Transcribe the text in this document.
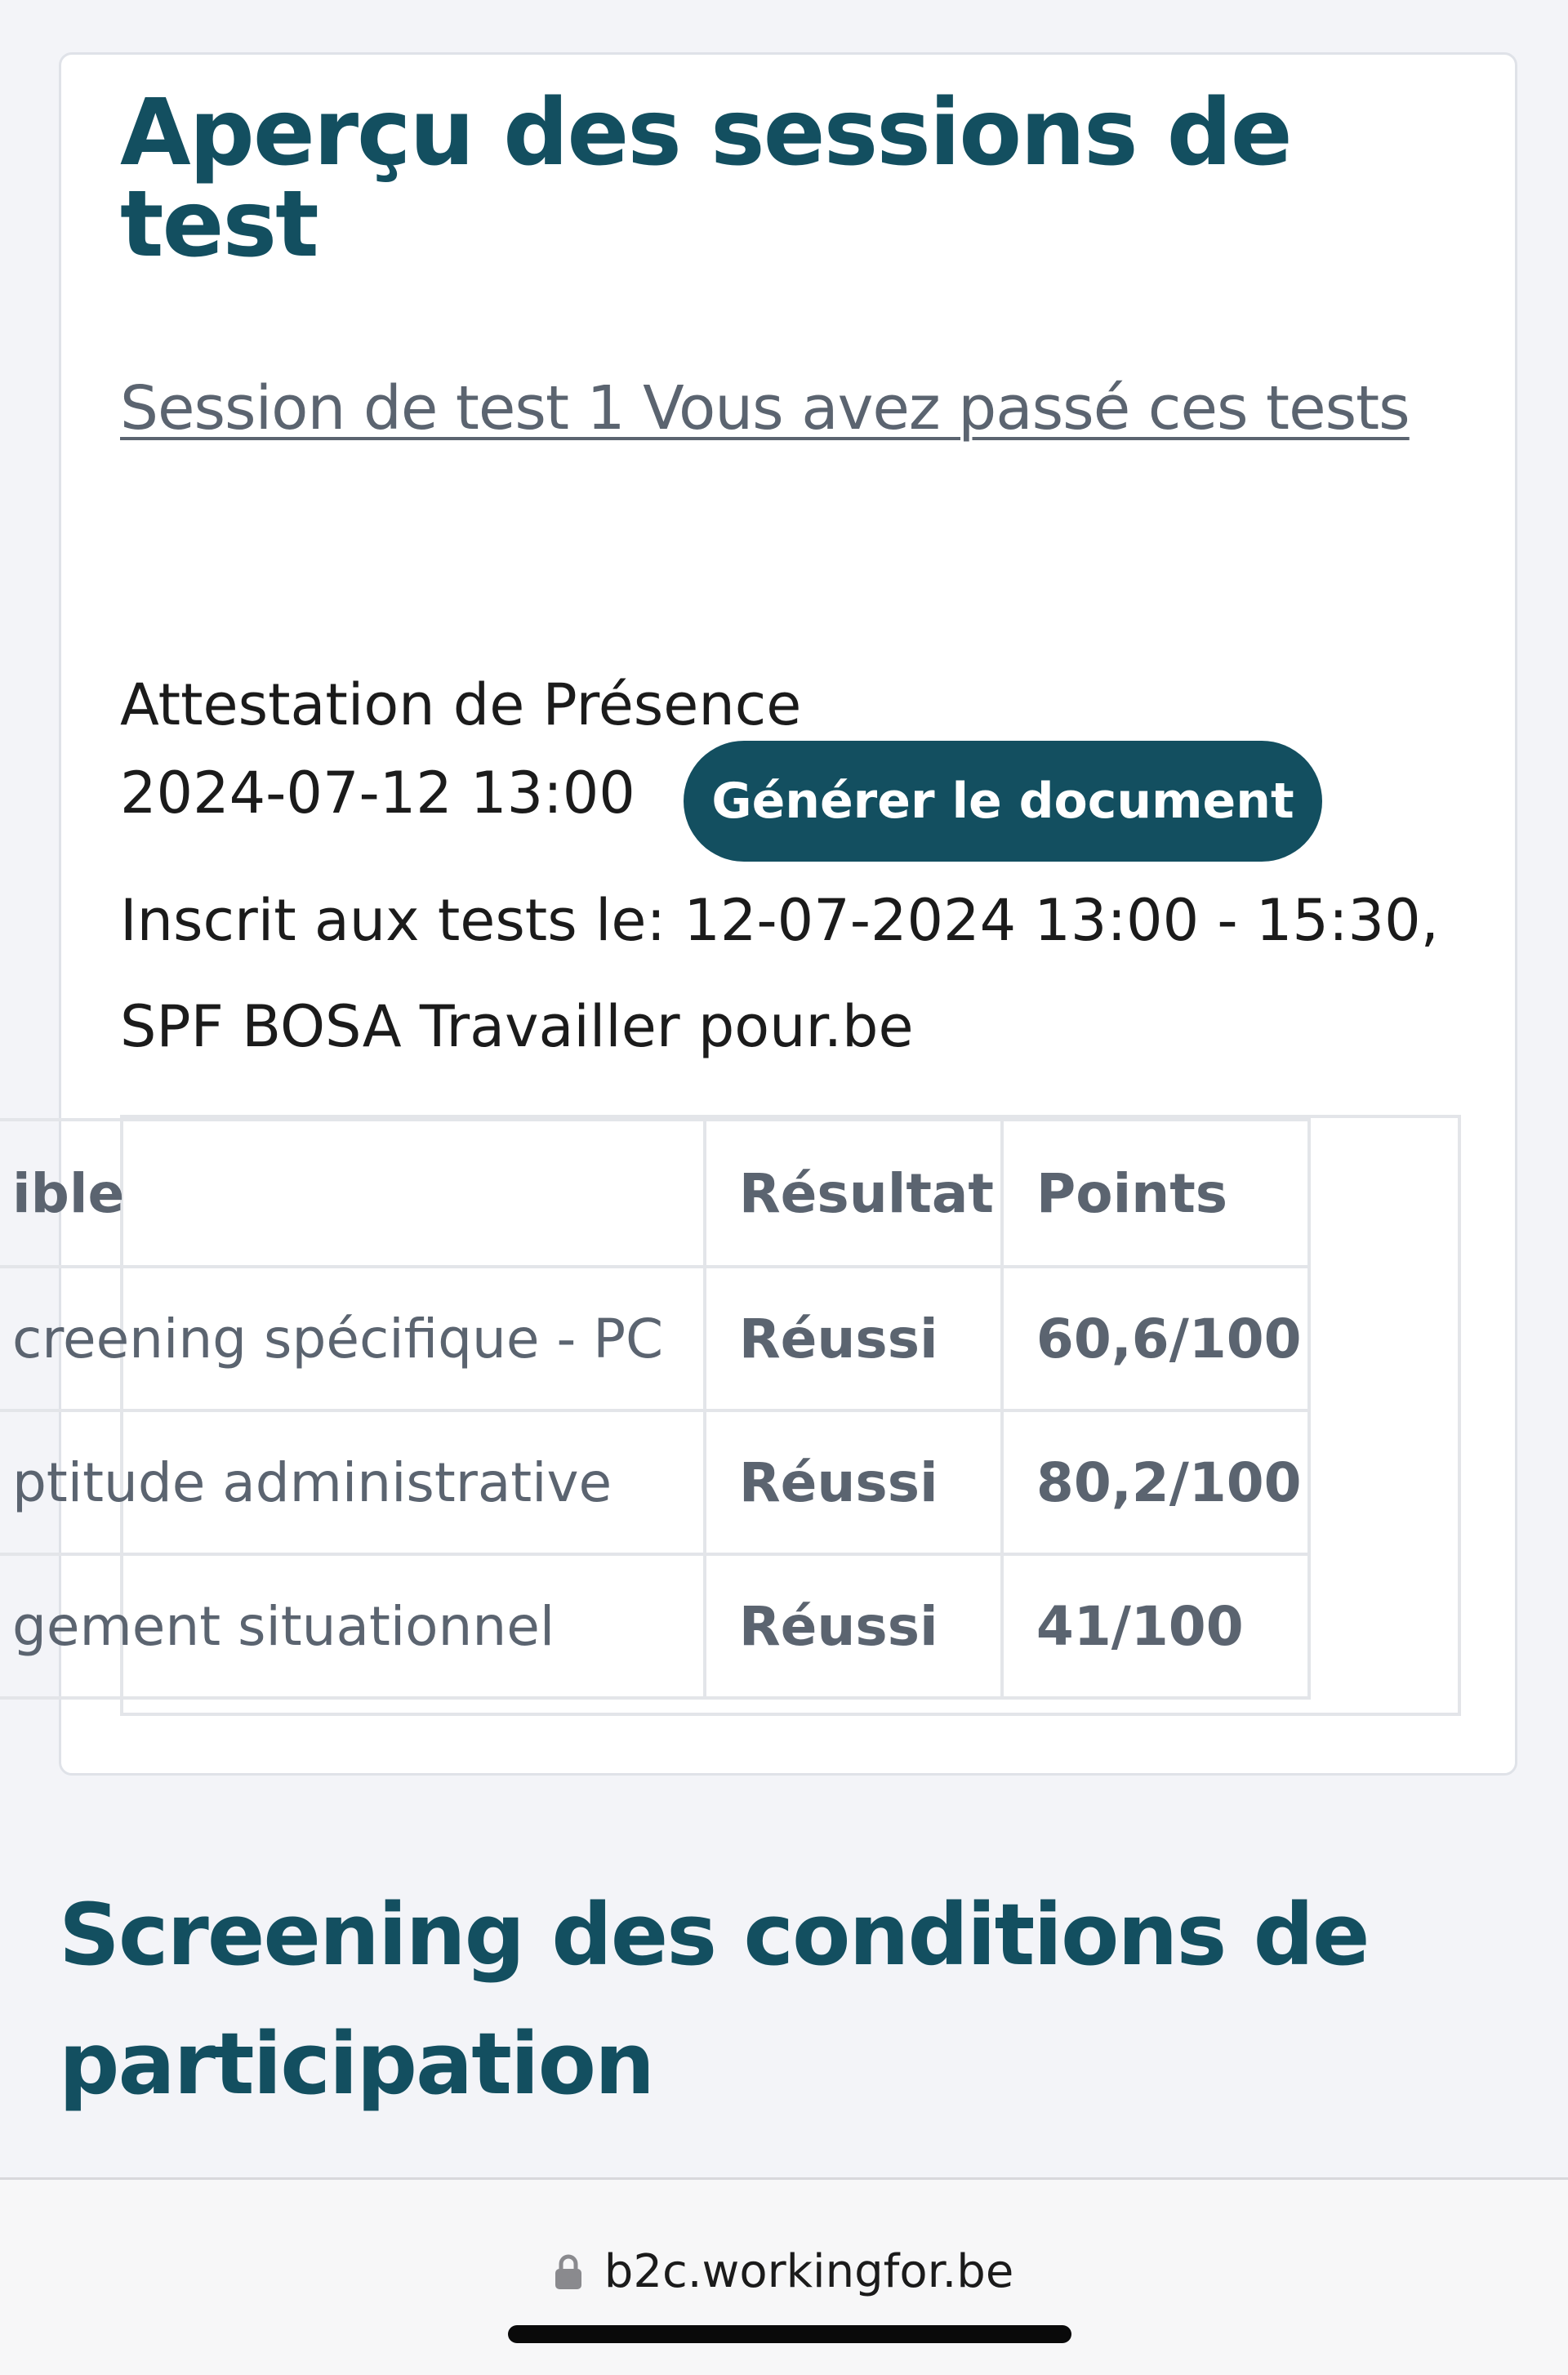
Aperçu des sessions de test
Session de test 1 Vous avez passé ces tests
Attestation de Présence
2024-07-12 13:00	Générer le document
Inscrit aux tests le: 12-07-2024 13:00 - 15:30,
SPF BOSA Travailler pour.be
ible	Résultat	Points
creening spécifique - PC	Réussi	60,6/100
ptitude administrative	Réussi	80,2/100
gement situationnel	Réussi	41/100
Screening des conditions de participation
b2c.workingfor.be
